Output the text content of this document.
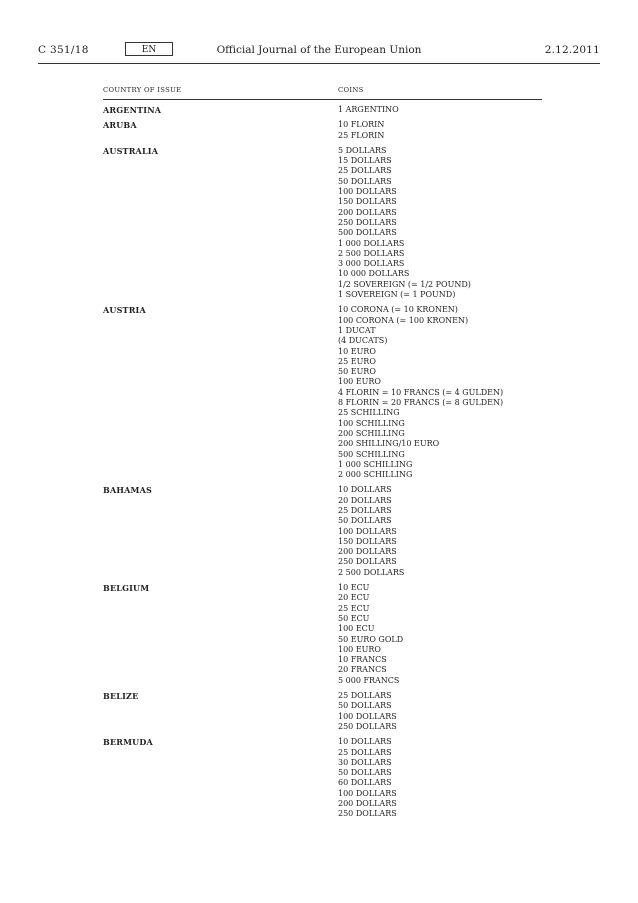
C 351/18	EN	Official Journal of the European Union	2.12.2011
COUNTRY OF ISSUE	COINS
ARGENTINA	1 ARGENTINO
ARUBA	10 FLORIN
25 FLORIN
AUSTRALIA	5 DOLLARS
15 DOLLARS
25 DOLLARS
50 DOLLARS
100 DOLLARS
150 DOLLARS
200 DOLLARS
250 DOLLARS
500 DOLLARS
1 000 DOLLARS
2 500 DOLLARS
3 000 DOLLARS
10 000 DOLLARS
1/2 SOVEREIGN (= 1/2 POUND)
1 SOVEREIGN (= 1 POUND)
AUSTRIA	10 CORONA (= 10 KRONEN)
100 CORONA (= 100 KRONEN)
1 DUCAT
(4 DUCATS)
10 EURO
25 EURO
50 EURO
100 EURO
4 FLORIN = 10 FRANCS (= 4 GULDEN)
8 FLORIN = 20 FRANCS (= 8 GULDEN)
25 SCHILLING
100 SCHILLING
200 SCHILLING
200 SHILLING/10 EURO
500 SCHILLING
1 000 SCHILLING
2 000 SCHILLING
BAHAMAS	10 DOLLARS
20 DOLLARS
25 DOLLARS
50 DOLLARS
100 DOLLARS
150 DOLLARS
200 DOLLARS
250 DOLLARS
2 500 DOLLARS
BELGIUM	10 ECU
20 ECU
25 ECU
50 ECU
100 ECU
50 EURO GOLD
100 EURO
10 FRANCS
20 FRANCS
5 000 FRANCS
BELIZE	25 DOLLARS
50 DOLLARS
100 DOLLARS
250 DOLLARS
BERMUDA	10 DOLLARS
25 DOLLARS
30 DOLLARS
50 DOLLARS
60 DOLLARS
100 DOLLARS
200 DOLLARS
250 DOLLARS
